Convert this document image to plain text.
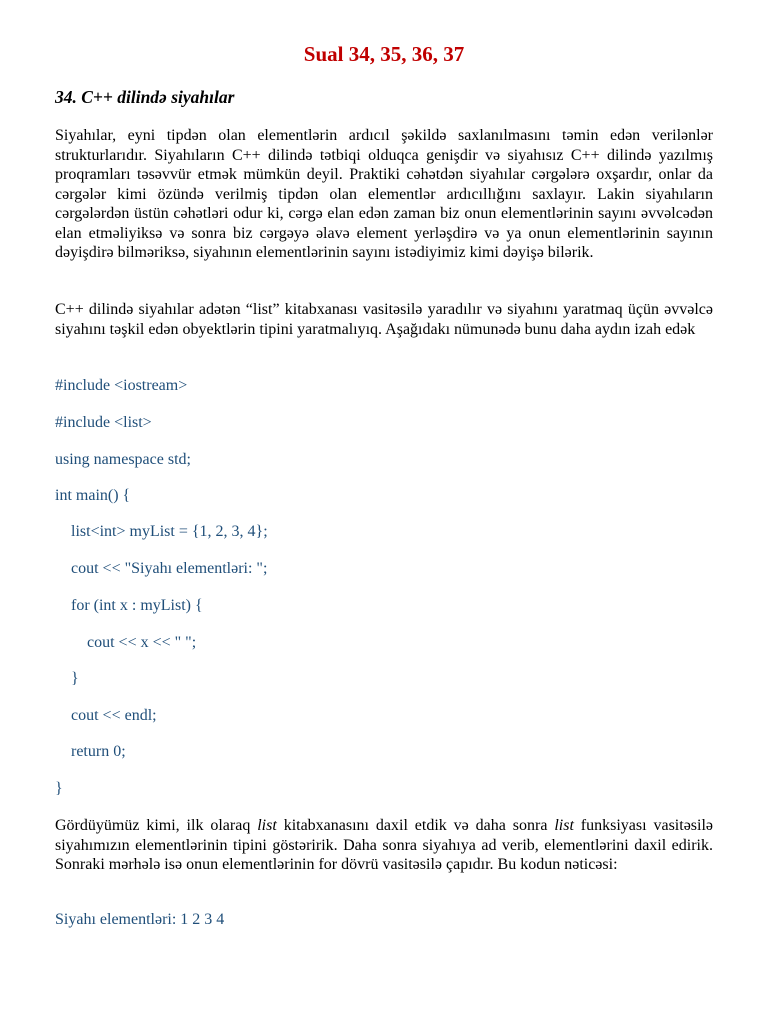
Sual 34, 35, 36, 37
34. C++ dilində siyahılar

Siyahılar, eyni tipdən olan elementlərin ardıcıl şəkildə saxlanılmasını təmin edən verilənlər strukturlarıdır. Siyahıların C++ dilində tətbiqi olduqca genişdir və siyahısız C++ dilində yazılmış proqramları təsəvvür etmək mümkün deyil. Praktiki cəhətdən siyahılar cərgələrə oxşardır, onlar da cərgələr kimi özündə verilmiş tipdən olan elementlər ardıcıllığını saxlayır. Lakin siyahıların cərgələrdən üstün cəhətləri odur ki, cərgə elan edən zaman biz onun elementlərinin sayını əvvəlcədən elan etməliyiksə və sonra biz cərgəyə əlavə element yerləşdirə və ya onun elementlərinin sayının dəyişdirə bilməriksə, siyahının elementlərinin sayını istədiyimiz kimi dəyişə bilərik.

C++ dilində siyahılar adətən “list” kitabxanası vasitəsilə yaradılır və siyahını yaratmaq üçün əvvəlcə siyahını təşkil edən obyektlərin tipini yaratmalıyıq. Aşağıdakı nümunədə bunu daha aydın izah edək

#include <iostream>
#include <list>
using namespace std;
int main() {
list<int> myList = {1, 2, 3, 4};
cout << "Siyahı elementləri: ";
for (int x : myList) {
cout << x << " ";
}
cout << endl;
return 0;
}

Gördüyümüz kimi, ilk olaraq list kitabxanasını daxil etdik və daha sonra list funksiyası vasitəsilə siyahımızın elementlərinin tipini göstəririk. Daha sonra siyahıya ad verib, elementlərini daxil edirik. Sonraki mərhələ isə onun elementlərinin for dövrü vasitəsilə çapıdır. Bu kodun nəticəsi:

Siyahı elementləri: 1 2 3 4
